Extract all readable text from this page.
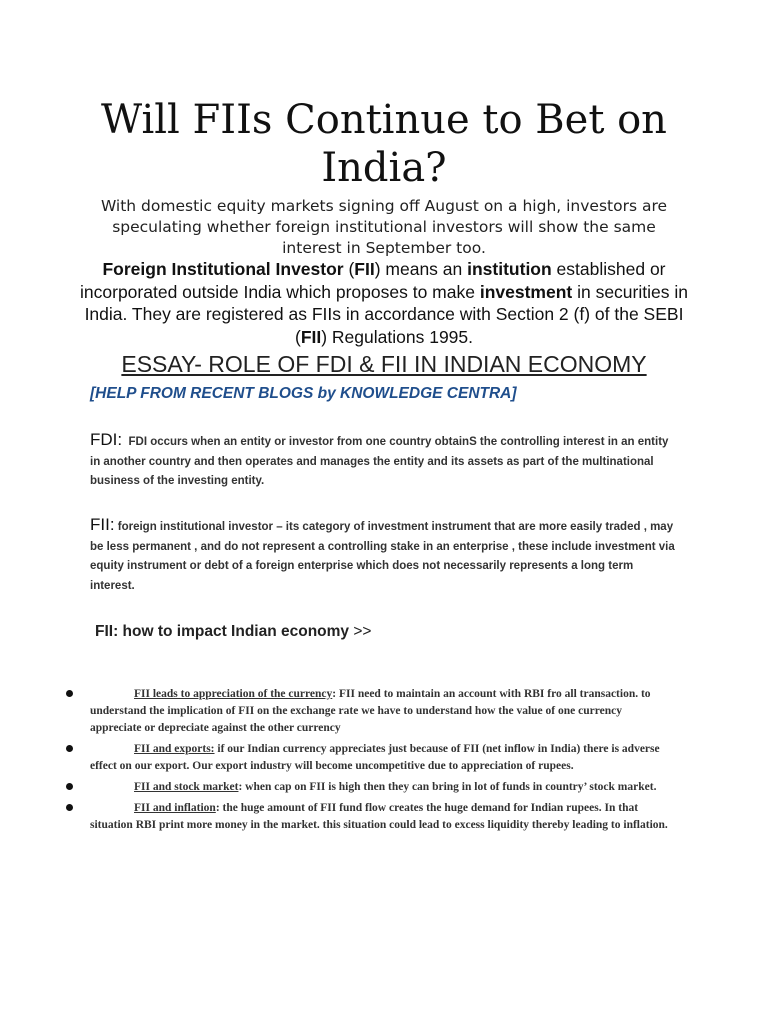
Will FIIs Continue to Bet on India?

With domestic equity markets signing off August on a high, investors are speculating whether foreign institutional investors will show the same interest in September too.

Foreign Institutional Investor (FII) means an institution established or incorporated outside India which proposes to make investment in securities in India. They are registered as FIIs in accordance with Section 2 (f) of the SEBI (FII) Regulations 1995.

ESSAY- ROLE OF FDI & FII IN INDIAN ECONOMY

[HELP FROM RECENT BLOGS by KNOWLEDGE CENTRA]

FDI: FDI occurs when an entity or investor from one country obtainS the controlling interest in an entity in another country and then operates and manages the entity and its assets as part of the multinational business of the investing entity.

FII: foreign institutional investor – its category of investment instrument that are more easily traded , may be less permanent , and do not represent a controlling stake in an enterprise , these include investment via equity instrument or debt of a foreign enterprise which does not necessarily represents a long term interest.

FII: how to impact Indian economy >>

FII leads to appreciation of the currency: FII need to maintain an account with RBI fro all transaction. to understand the implication of FII on the exchange rate we have to understand how the value of one currency appreciate or depreciate against the other currency

FII and exports: if our Indian currency appreciates just because of FII (net inflow in India) there is adverse effect on our export. Our export industry will become uncompetitive due to appreciation of rupees.

FII and stock market: when cap on FII is high then they can bring in lot of funds in country’ stock market.

FII and inflation: the huge amount of FII fund flow creates the huge demand for Indian rupees. In that situation RBI print more money in the market. this situation could lead to excess liquidity thereby leading to inflation.
